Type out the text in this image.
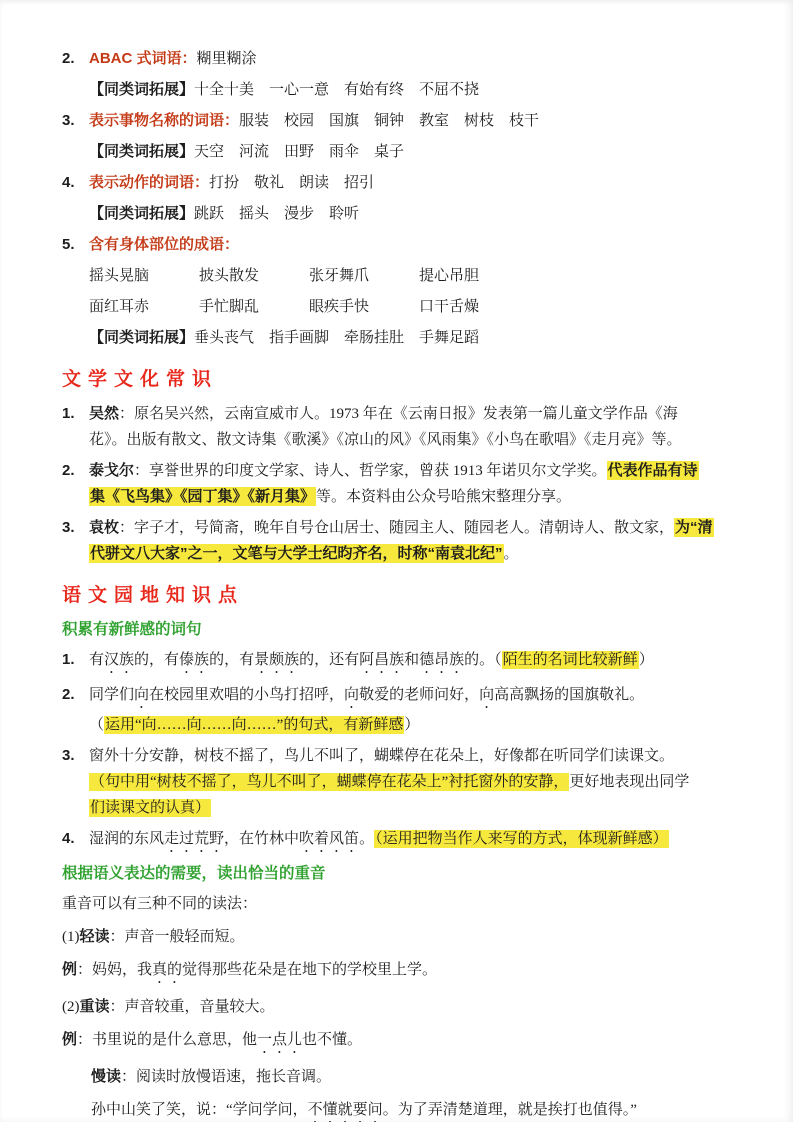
2. ABAC 式词语：糊里糊涂
【同类词拓展】十全十美　一心一意　有始有终　不屈不挠
3. 表示事物名称的词语：服装　校园　国旗　铜钟　教室　树枝　枝干
【同类词拓展】天空　河流　田野　雨伞　桌子
4. 表示动作的词语：打扮　敬礼　朗读　招引
【同类词拓展】跳跃　摇头　漫步　聆听
5. 含有身体部位的成语：
摇头晃脑	披头散发	张牙舞爪	提心吊胆
面红耳赤	手忙脚乱	眼疾手快	口干舌燥
【同类词拓展】垂头丧气　指手画脚　牵肠挂肚　手舞足蹈
文学文化常识
1. 吴然：原名吴兴然，云南宣威市人。1973 年在《云南日报》发表第一篇儿童文学作品《海
花》。出版有散文、散文诗集《歌溪》《凉山的风》《风雨集》《小鸟在歌唱》《走月亮》等。
2. 泰戈尔：享誉世界的印度文学家、诗人、哲学家，曾获 1913 年诺贝尔文学奖。代表作品有诗
集《飞鸟集》《园丁集》《新月集》等。本资料由公众号哈熊宋整理分享。
3. 袁枚：字子才，号简斋，晚年自号仓山居士、随园主人、随园老人。清朝诗人、散文家，为“清
代骈文八大家”之一，文笔与大学士纪昀齐名，时称“南袁北纪”。
语文园地知识点
积累有新鲜感的词句
1. 有汉族的，有傣族的，有景颇族的，还有阿昌族和德昂族的。（陌生的名词比较新鲜）
2. 同学们向在校园里欢唱的小鸟打招呼，向敬爱的老师问好，向高高飘扬的国旗敬礼。
（运用“向……向……向……”的句式，有新鲜感）
3. 窗外十分安静，树枝不摇了，鸟儿不叫了，蝴蝶停在花朵上，好像都在听同学们读课文。
（句中用“树枝不摇了，鸟儿不叫了，蝴蝶停在花朵上”衬托窗外的安静，更好地表现出同学
们读课文的认真）
4. 湿润的东风走过荒野，在竹林中吹着风笛。（运用把物当作人来写的方式，体现新鲜感）
根据语义表达的需要，读出恰当的重音
重音可以有三种不同的读法：
(1)轻读：声音一般轻而短。
例：妈妈，我真的觉得那些花朵是在地下的学校里上学。
(2)重读：声音较重，音量较大。
例：书里说的是什么意思，他一点儿也不懂。
慢读：阅读时放慢语速，拖长音调。
孙中山笑了笑，说：“学问学问，不懂就要问。为了弄清楚道理，就是挨打也值得。”
